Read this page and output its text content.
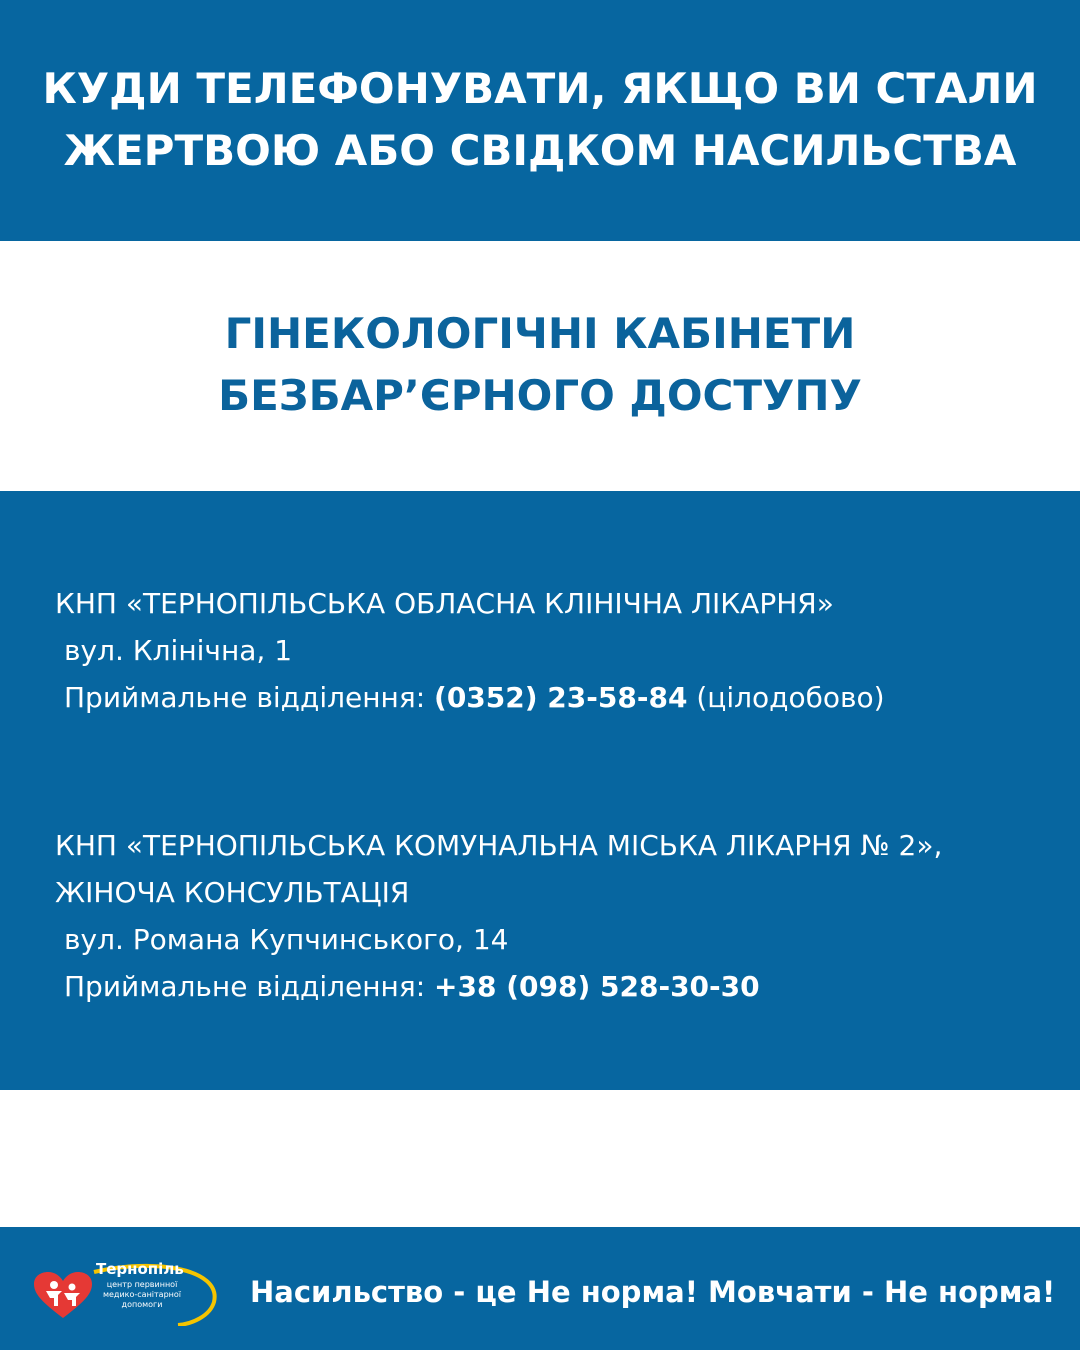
КУДИ ТЕЛЕФОНУВАТИ, ЯКЩО ВИ СТАЛИ
ЖЕРТВОЮ АБО СВІДКОМ НАСИЛЬСТВА
ГІНЕКОЛОГІЧНІ КАБІНЕТИ
БЕЗБАР’ЄРНОГО ДОСТУПУ
КНП «ТЕРНОПІЛЬСЬКА ОБЛАСНА КЛІНІЧНА ЛІКАРНЯ»
вул. Клінічна, 1
Приймальне відділення: (0352) 23-58-84 (цілодобово)
КНП «ТЕРНОПІЛЬСЬКА КОМУНАЛЬНА МІСЬКА ЛІКАРНЯ № 2»,
ЖІНОЧА КОНСУЛЬТАЦІЯ
вул. Романа Купчинського, 14
Приймальне відділення: +38 (098) 528-30-30
Тернопіль
центр первинної медико-санітарної допомоги	Насильство - це Не норма! Мовчати - Не норма!
